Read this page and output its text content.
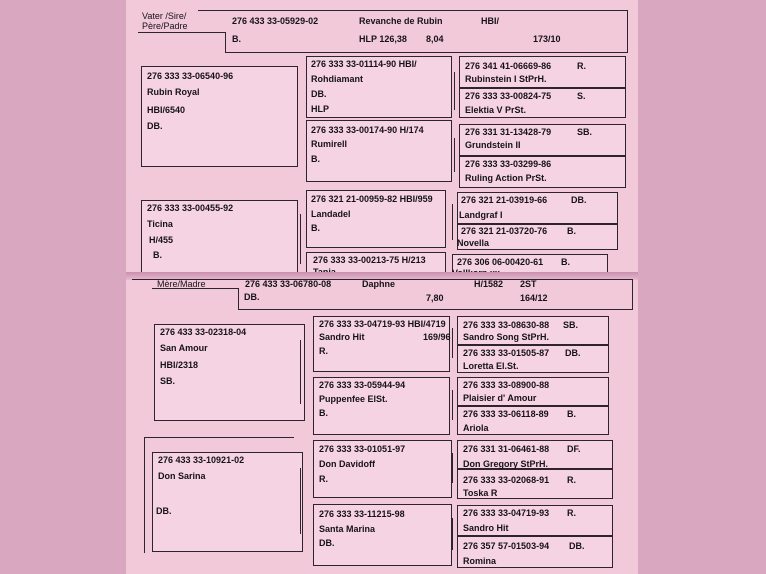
Vater /Sire/
Père/Padre
276 433 33-05929-02	Revanche de Rubin	HBI/
B.	HLP 126,38 8,04	173/10
276 333 33-06540-96
Rubin Royal
HBI/6540
DB.
276 333 33-01114-90 HBI/
Rohdiamant
DB.
HLP
276 341 41-06669-86	R.
Rubinstein I StPrH.
276 333 33-00824-75	S.
Elektia V PrSt.
276 333 33-00174-90 H/174
Rumirell
B.
276 331 31-13428-79	SB.
Grundstein II
276 333 33-03299-86
Ruling Action PrSt.
276 333 33-00455-92
Ticina
H/455
B.
276 321 21-00959-82 HBI/959
Landadel
B.
276 321 21-03919-66	DB.
Landgraf I
276 321 21-03720-76 B.
Novella
276 333 33-00213-75 H/213	276 306 06-00420-61 B.
Mère/Madre	276 433 33-06780-08	Daphne	H/1582 2ST
DB.	7,80	164/12
276 433 33-02318-04
San Amour
HBI/2318
SB.
276 333 33-04719-93 HBI/4719
Sandro Hit	169/96
R.
276 333 33-08630-88 SB.
Sandro Song StPrH.
276 333 33-01505-87 DB.
Loretta El.St.
276 333 33-05944-94
Puppenfee ElSt.
B.
276 333 33-08900-88
Plaisier d' Amour
276 333 33-06118-89 B.
Ariola
276 433 33-10921-02
Don Sarina
DB.
276 333 33-01051-97
Don Davidoff
R.
276 331 31-06461-88 DF.
Don Gregory StPrH.
276 333 33-02068-91 R.
Toska R
276 333 33-11215-98
Santa Marina
DB.
276 333 33-04719-93 R.
Sandro Hit
276 357 57-01503-94 DB.
Romina
